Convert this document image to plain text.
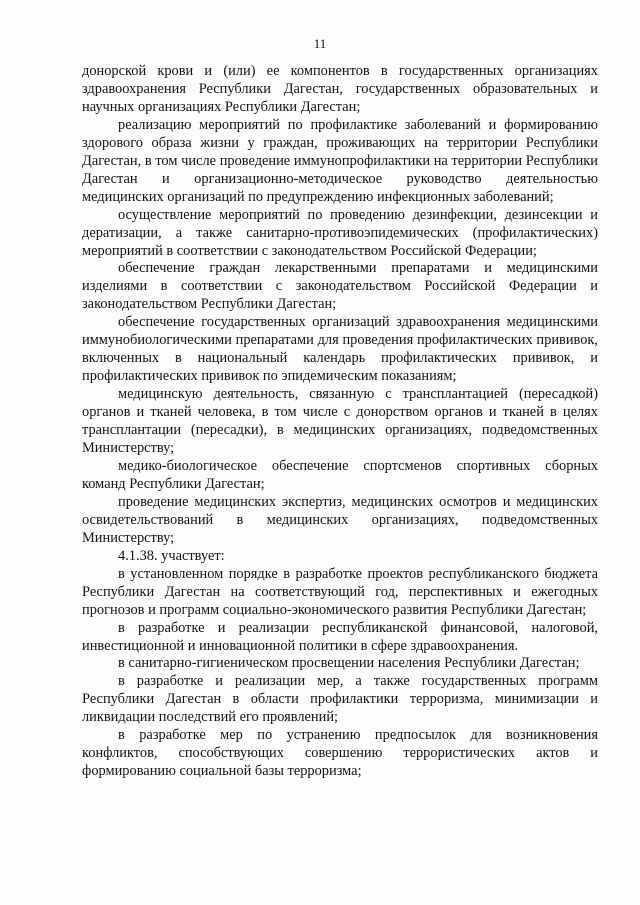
11

донорской крови и (или) ее компонентов в государственных организациях здравоохранения Республики Дагестан, государственных образовательных и научных организациях Республики Дагестан;

реализацию мероприятий по профилактике заболеваний и формированию здорового образа жизни у граждан, проживающих на территории Республики Дагестан, в том числе проведение иммунопрофилактики на территории Республики Дагестан и организационно-методическое руководство деятельностью медицинских организаций по предупреждению инфекционных заболеваний;

осуществление мероприятий по проведению дезинфекции, дезинсекции и дератизации, а также санитарно-противоэпидемических (профилактических) мероприятий в соответствии с законодательством Российской Федерации;

обеспечение граждан лекарственными препаратами и медицинскими изделиями в соответствии с законодательством Российской Федерации и законодательством Республики Дагестан;

обеспечение государственных организаций здравоохранения медицинскими иммунобиологическими препаратами для проведения профилактических прививок, включенных в национальный календарь профилактических прививок, и профилактических прививок по эпидемическим показаниям;

медицинскую деятельность, связанную с трансплантацией (пересадкой) органов и тканей человека, в том числе с донорством органов и тканей в целях трансплантации (пересадки), в медицинских организациях, подведомственных Министерству;

медико-биологическое обеспечение спортсменов спортивных сборных команд Республики Дагестан;

проведение медицинских экспертиз, медицинских осмотров и медицинских освидетельствований в медицинских организациях, подведомственных Министерству;

4.1.38. участвует:

в установленном порядке в разработке проектов республиканского бюджета Республики Дагестан на соответствующий год, перспективных и ежегодных прогнозов и программ социально-экономического развития Республики Дагестан;

в разработке и реализации республиканской финансовой, налоговой, инвестиционной и инновационной политики в сфере здравоохранения.

в санитарно-гигиеническом просвещении населения Республики Дагестан;

в разработке и реализации мер, а также государственных программ Республики Дагестан в области профилактики терроризма, минимизации и ликвидации последствий его проявлений;

в разработке мер по устранению предпосылок для возникновения конфликтов, способствующих совершению террористических актов и формированию социальной базы терроризма;
